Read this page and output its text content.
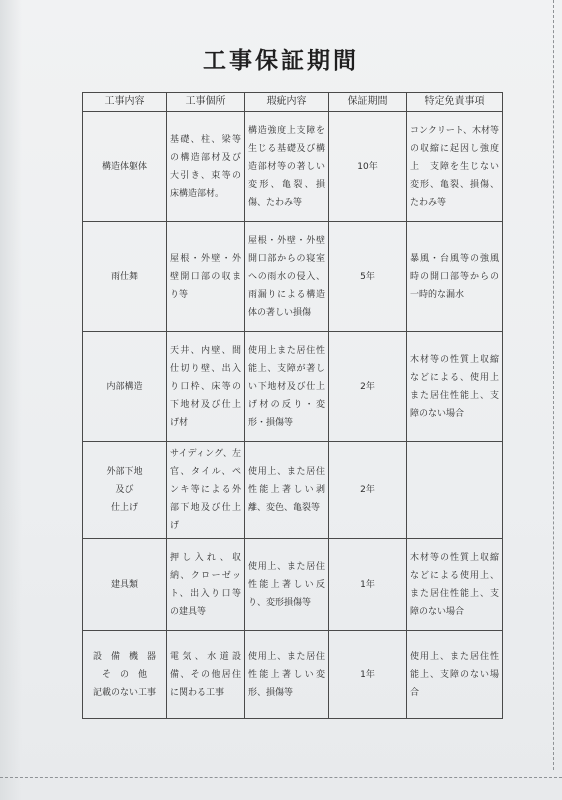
工事保証期間
工事内容	工事個所	瑕疵内容	保証期間	特定免責事項
構造体躯体	基礎、柱、梁等の構造部材及び大引き、束等の床構造部材。	構造強度上支障を生じる基礎及び構造部材等の著しい変形、亀裂、損傷、たわみ等	10年	コンクリート、木材等の収縮に起因し強度上　支障を生じない変形、亀裂、損傷、たわみ等

雨仕舞	屋根・外壁・外壁開口部の収まり等	屋根・外壁・外壁開口部からの寝室への雨水の侵入、雨漏りによる構造体の著しい損傷	5年	暴風・台風等の強風時の開口部等からの一時的な漏水

内部構造	天井、内壁、間仕切り壁、出入り口枠、床等の下地材及び仕上げ材	使用上また居住性能上、支障が著しい下地材及び仕上げ材の反り・変形・損傷等	2年	木材等の性質上収縮などによる、使用上また居住性能上、支障のない場合

外部下地
及び
仕上げ	サイディング、左官、タイル、ペンキ等による外部下地及び仕上げ	使用上、また居住性能上著しい剥離、変色、亀裂等	2年	

建具類	押し入れ、収納、クローゼット、出入り口等の建具等	使用上、また居住性能上著しい反り、変形損傷等	1年	木材等の性質上収縮などによる使用上、また居住性能上、支障のない場合

設　備　機　器
そ　の　他
記載のない工事	電気、水道設備、その他居住に関わる工事	使用上、また居住性能上著しい変形、損傷等	1年	使用上、また居住性能上、支障のない場合
